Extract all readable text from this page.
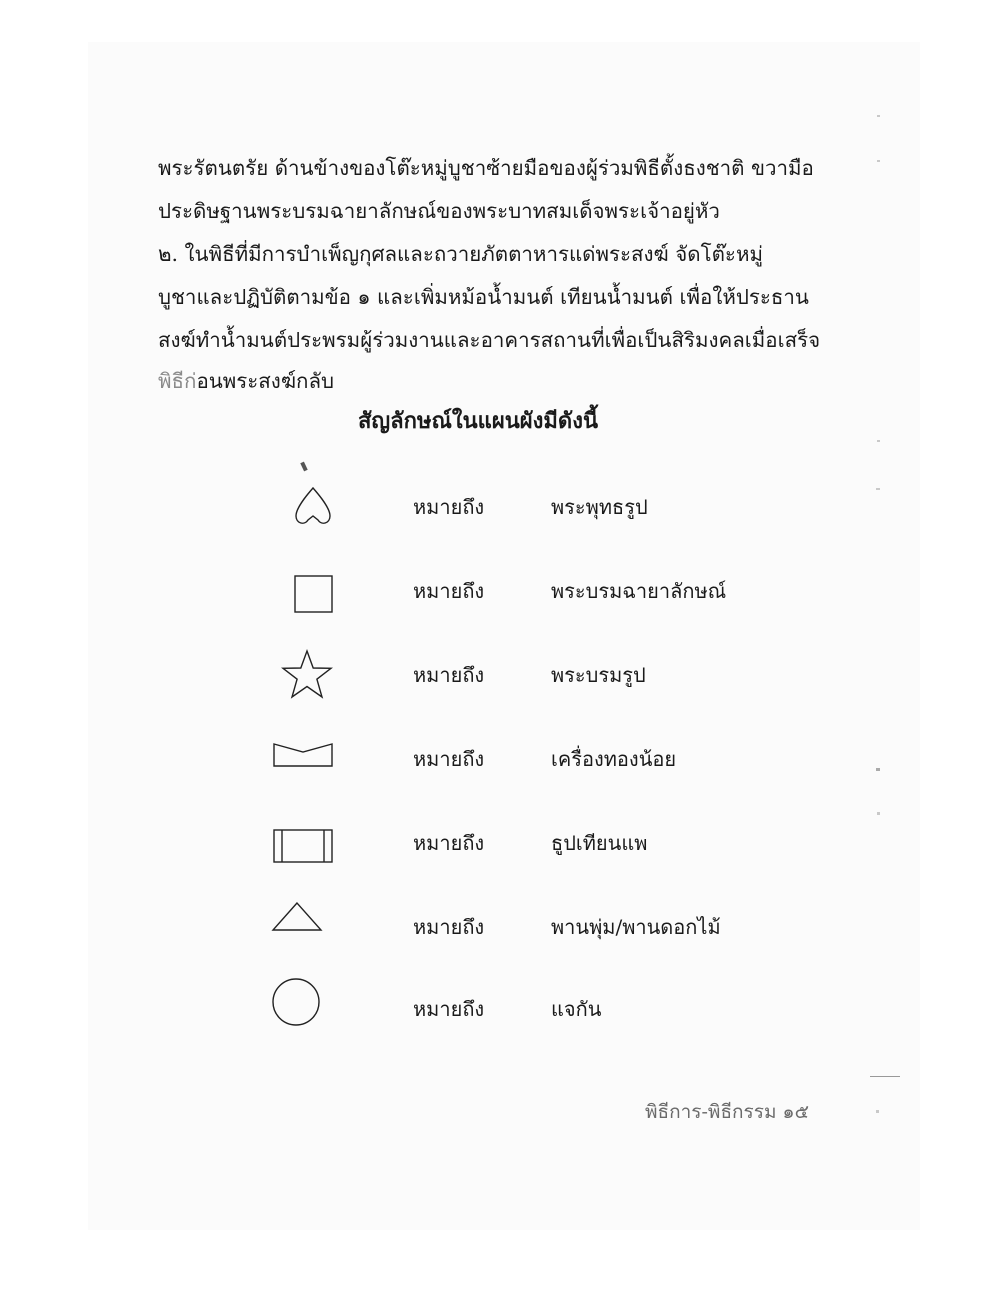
พระรัตนตรัย ด้านข้างของโต๊ะหมู่บูชาซ้ายมือของผู้ร่วมพิธีตั้งธงชาติ ขวามือ
ประดิษฐานพระบรมฉายาลักษณ์ของพระบาทสมเด็จพระเจ้าอยู่หัว
๒. ในพิธีที่มีการบำเพ็ญกุศลและถวายภัตตาหารแด่พระสงฆ์ จัดโต๊ะหมู่
บูชาและปฏิบัติตามข้อ ๑ และเพิ่มหม้อน้ำมนต์ เทียนน้ำมนต์ เพื่อให้ประธาน
สงฆ์ทำน้ำมนต์ประพรมผู้ร่วมงานและอาคารสถานที่เพื่อเป็นสิริมงคลเมื่อเสร็จ
พิธีก่อนพระสงฆ์กลับ
สัญลักษณ์ในแผนผังมีดังนี้
หมายถึง	พระพุทธรูป
หมายถึง	พระบรมฉายาลักษณ์
หมายถึง	พระบรมรูป
หมายถึง	เครื่องทองน้อย
หมายถึง	ธูปเทียนแพ
หมายถึง	พานพุ่ม/พานดอกไม้
หมายถึง	แจกัน
พิธีการ-พิธีกรรม ๑๕
